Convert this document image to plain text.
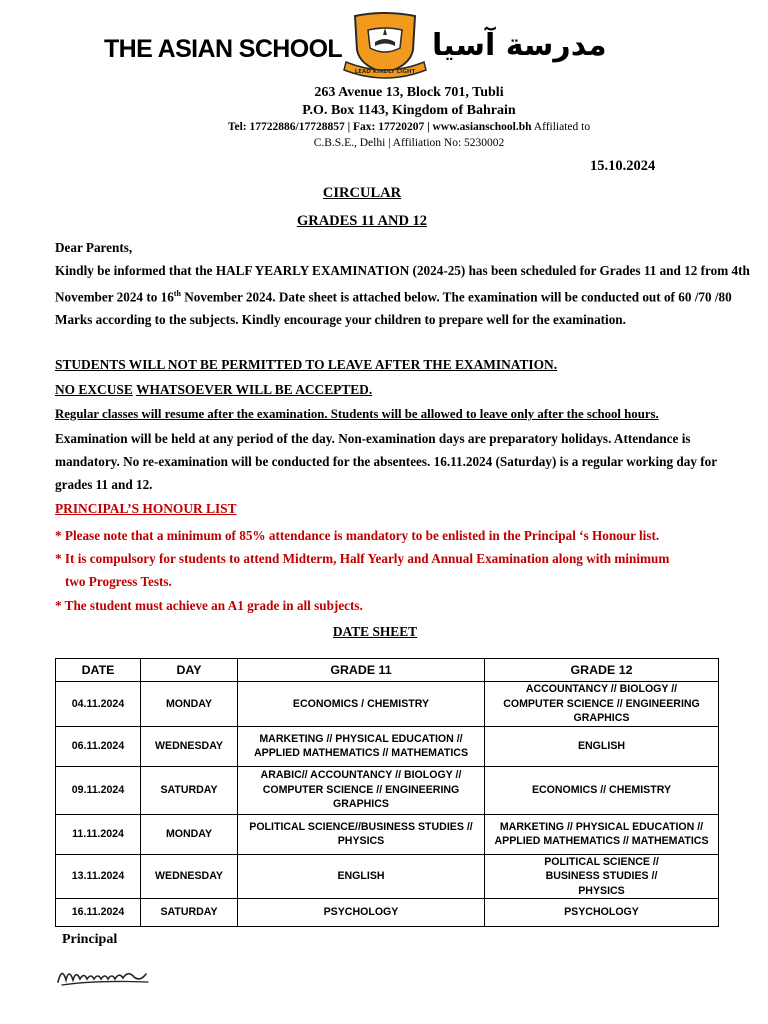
THE ASIAN SCHOOL
LEAD KINDLY LIGHT
مدرسة آسيا
263 Avenue 13, Block 701, Tubli
P.O. Box 1143, Kingdom of Bahrain
Tel: 17722886/17728857 | Fax: 17720207 | www.asianschool.bh Affiliated to
C.B.S.E., Delhi | Affiliation No: 5230002
15.10.2024
CIRCULAR
GRADES 11 AND 12
Dear Parents,
Kindly be informed that the HALF YEARLY EXAMINATION (2024-25) has been scheduled for Grades 11 and 12 from 4th November 2024 to 16th November 2024. Date sheet is attached below. The examination will be conducted out of 60 /70 /80 Marks according to the subjects. Kindly encourage your children to prepare well for the examination.
STUDENTS WILL NOT BE PERMITTED TO LEAVE AFTER THE EXAMINATION.
NO EXCUSE WHATSOEVER WILL BE ACCEPTED.
Regular classes will resume after the examination. Students will be allowed to leave only after the school hours.
Examination will be held at any period of the day. Non-examination days are preparatory holidays. Attendance is mandatory. No re-examination will be conducted for the absentees. 16.11.2024 (Saturday) is a regular working day for grades 11 and 12.
PRINCIPAL’S HONOUR LIST
* Please note that a minimum of 85% attendance is mandatory to be enlisted in the Principal ‘s Honour list.
* It is compulsory for students to attend Midterm, Half Yearly and Annual Examination along with minimum
two Progress Tests.
* The student must achieve an A1 grade in all subjects.
DATE SHEET
DATE	DAY	GRADE 11	GRADE 12
04.11.2024	MONDAY	ECONOMICS / CHEMISTRY	ACCOUNTANCY // BIOLOGY // COMPUTER SCIENCE // ENGINEERING GRAPHICS
06.11.2024	WEDNESDAY	MARKETING // PHYSICAL EDUCATION // APPLIED MATHEMATICS // MATHEMATICS	ENGLISH
09.11.2024	SATURDAY	ARABIC// ACCOUNTANCY // BIOLOGY // COMPUTER SCIENCE // ENGINEERING GRAPHICS	ECONOMICS // CHEMISTRY
11.11.2024	MONDAY	POLITICAL SCIENCE//BUSINESS STUDIES // PHYSICS	MARKETING // PHYSICAL EDUCATION // APPLIED MATHEMATICS // MATHEMATICS
13.11.2024	WEDNESDAY	ENGLISH	POLITICAL SCIENCE // BUSINESS STUDIES // PHYSICS
16.11.2024	SATURDAY	PSYCHOLOGY	PSYCHOLOGY
Principal
